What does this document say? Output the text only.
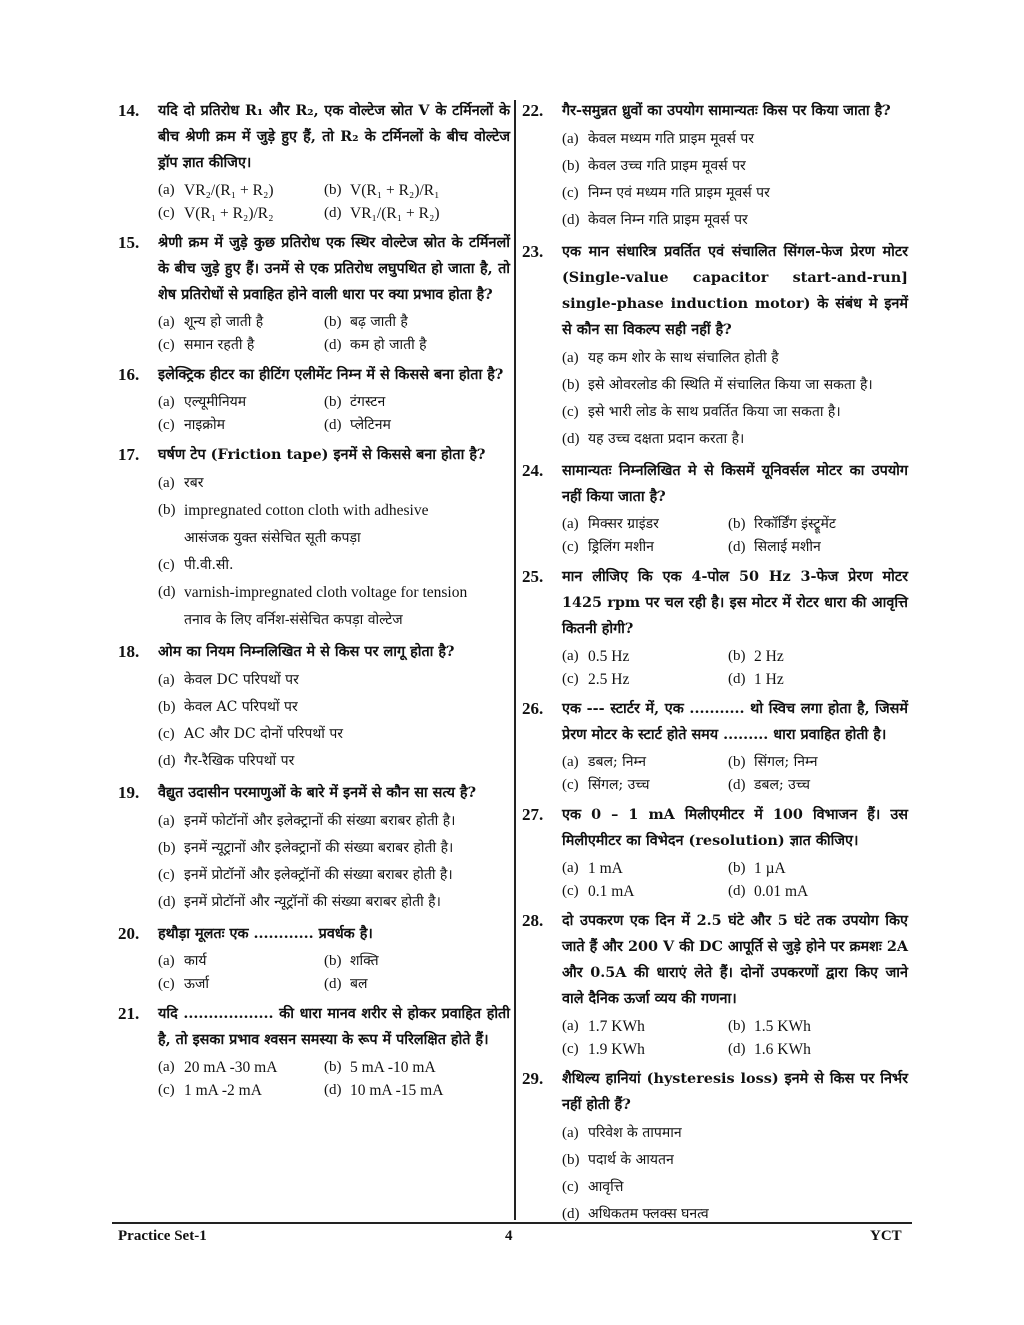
14. यदि दो प्रतिरोध R₁ और R₂, एक वोल्टेज स्रोत V के टर्मिनलों के बीच श्रेणी क्रम में जुड़े हुए हैं, तो R₂ के टर्मिनलों के बीच वोल्टेज ड्रॉप ज्ञात कीजिए।
(a) VR₂/(R₁ + R₂)	(b) V(R₁ + R₂)/R₁
(c) V(R₁ + R₂)/R₂	(d) VR₁/(R₁ + R₂)
15. श्रेणी क्रम में जुड़े कुछ प्रतिरोध एक स्थिर वोल्टेज स्रोत के टर्मिनलों के बीच जुड़े हुए हैं। उनमें से एक प्रतिरोध लघुपथित हो जाता है, तो शेष प्रतिरोधों से प्रवाहित होने वाली धारा पर क्या प्रभाव होता है?
(a) शून्य हो जाती है	(b) बढ़ जाती है
(c) समान रहती है	(d) कम हो जाती है
16. इलेक्ट्रिक हीटर का हीटिंग एलीमेंट निम्न में से किससे बना होता है?
(a) एल्यूमीनियम	(b) टंगस्टन
(c) नाइक्रोम	(d) प्लेटिनम
17. घर्षण टेप (Friction tape) इनमें से किससे बना होता है?
(a) रबर
(b) impregnated cotton cloth with adhesive
आसंजक युक्त संसेचित सूती कपड़ा
(c) पी.वी.सी.
(d) varnish-impregnated cloth voltage for tension
तनाव के लिए वर्निश-संसेचित कपड़ा वोल्टेज
18. ओम का नियम निम्नलिखित मे से किस पर लागू होता है?
(a) केवल DC परिपथों पर
(b) केवल AC परिपथों पर
(c) AC और DC दोनों परिपथों पर
(d) गैर-रैखिक परिपथों पर
19. वैद्युत उदासीन परमाणुओं के बारे में इनमें से कौन सा सत्य है?
(a) इनमें फोटॉनों और इलेक्ट्रानों की संख्या बराबर होती है।
(b) इनमें न्यूट्रानों और इलेक्ट्रानों की संख्या बराबर होती है।
(c) इनमें प्रोटॉनों और इलेक्ट्रॉनों की संख्या बराबर होती है।
(d) इनमें प्रोटॉनों और न्यूट्रॉनों की संख्या बराबर होती है।
20. हथौड़ा मूलतः एक ............ प्रवर्धक है।
(a) कार्य	(b) शक्ति
(c) ऊर्जा	(d) बल
21. यदि .................. की धारा मानव शरीर से होकर प्रवाहित होती है, तो इसका प्रभाव श्वसन समस्या के रूप में परिलक्षित होते हैं।
(a) 20 mA -30 mA	(b) 5 mA -10 mA
(c) 1 mA -2 mA	(d) 10 mA -15 mA
22. गैर-समुन्नत ध्रुवों का उपयोग सामान्यतः किस पर किया जाता है?
(a) केवल मध्यम गति प्राइम मूवर्स पर
(b) केवल उच्च गति प्राइम मूवर्स पर
(c) निम्न एवं मध्यम गति प्राइम मूवर्स पर
(d) केवल निम्न गति प्राइम मूवर्स पर
23. एक मान संधारित्र प्रवर्तित एवं संचालित सिंगल-फेज प्रेरण मोटर (Single-value capacitor start-and-run] single-phase induction motor) के संबंध मे इनमें से कौन सा विकल्प सही नहीं है?
(a) यह कम शोर के साथ संचालित होती है
(b) इसे ओवरलोड की स्थिति में संचालित किया जा सकता है।
(c) इसे भारी लोड के साथ प्रवर्तित किया जा सकता है।
(d) यह उच्च दक्षता प्रदान करता है।
24. सामान्यतः निम्नलिखित मे से किसमें यूनिवर्सल मोटर का उपयोग नहीं किया जाता है?
(a) मिक्सर ग्राइंडर	(b) रिकॉर्डिंग इंस्ट्रूमेंट
(c) ड्रिलिंग मशीन	(d) सिलाई मशीन
25. मान लीजिए कि एक 4-पोल 50 Hz 3-फेज प्रेरण मोटर 1425 rpm पर चल रही है। इस मोटर में रोटर धारा की आवृत्ति कितनी होगी?
(a) 0.5 Hz	(b) 2 Hz
(c) 2.5 Hz	(d) 1 Hz
26. एक --- स्टार्टर में, एक ........... थो स्विच लगा होता है, जिसमें प्रेरण मोटर के स्टार्ट होते समय ......... धारा प्रवाहित होती है।
(a) डबल; निम्न	(b) सिंगल; निम्न
(c) सिंगल; उच्च	(d) डबल; उच्च
27. एक 0 – 1 mA मिलीएमीटर में 100 विभाजन हैं। उस मिलीएमीटर का विभेदन (resolution) ज्ञात कीजिए।
(a) 1 mA	(b) 1 µA
(c) 0.1 mA	(d) 0.01 mA
28. दो उपकरण एक दिन में 2.5 घंटे और 5 घंटे तक उपयोग किए जाते हैं और 200 V की DC आपूर्ति से जुड़े होने पर क्रमशः 2A और 0.5A की धाराएं लेते हैं। दोनों उपकरणों द्वारा किए जाने वाले दैनिक ऊर्जा व्यय की गणना।
(a) 1.7 KWh	(b) 1.5 KWh
(c) 1.9 KWh	(d) 1.6 KWh
29. शैथिल्य हानियां (hysteresis loss) इनमे से किस पर निर्भर नहीं होती हैं?
(a) परिवेश के तापमान
(b) पदार्थ के आयतन
(c) आवृत्ति
(d) अधिकतम फ्लक्स घनत्व
Practice Set-1	4	YCT
